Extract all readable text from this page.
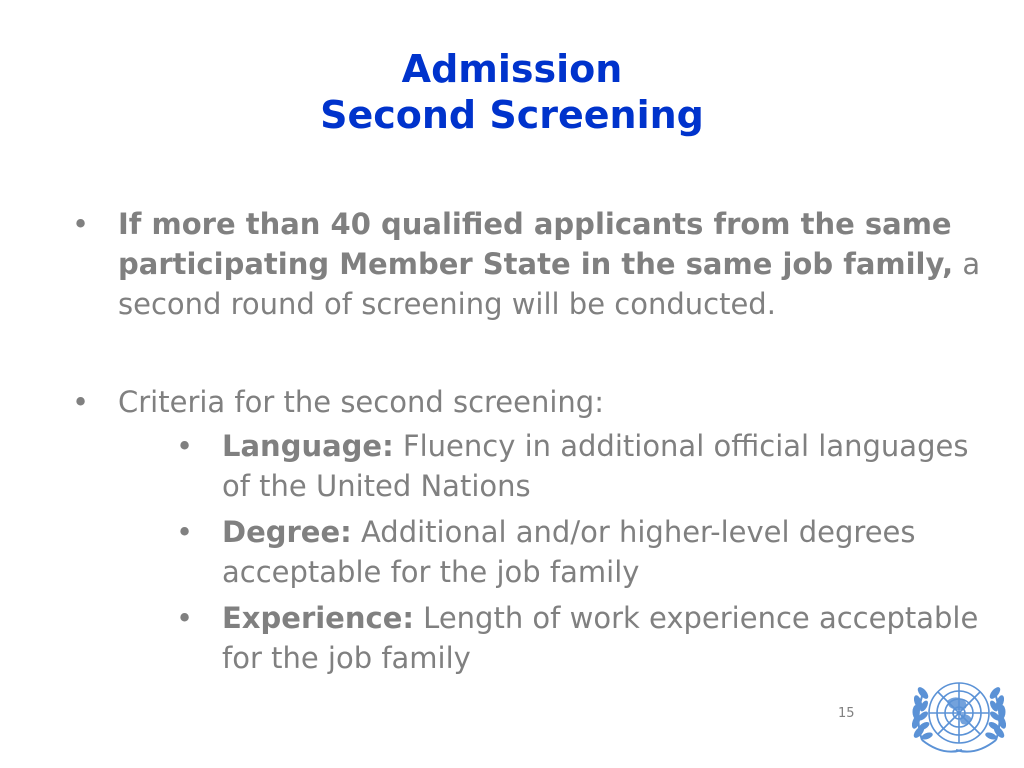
Admission
Second Screening
• If more than 40 qualified applicants from the same participating Member State in the same job family, a second round of screening will be conducted.
• Criteria for the second screening:
• Language: Fluency in additional official languages of the United Nations
• Degree: Additional and/or higher-level degrees acceptable for the job family
• Experience: Length of work experience acceptable for the job family
15
